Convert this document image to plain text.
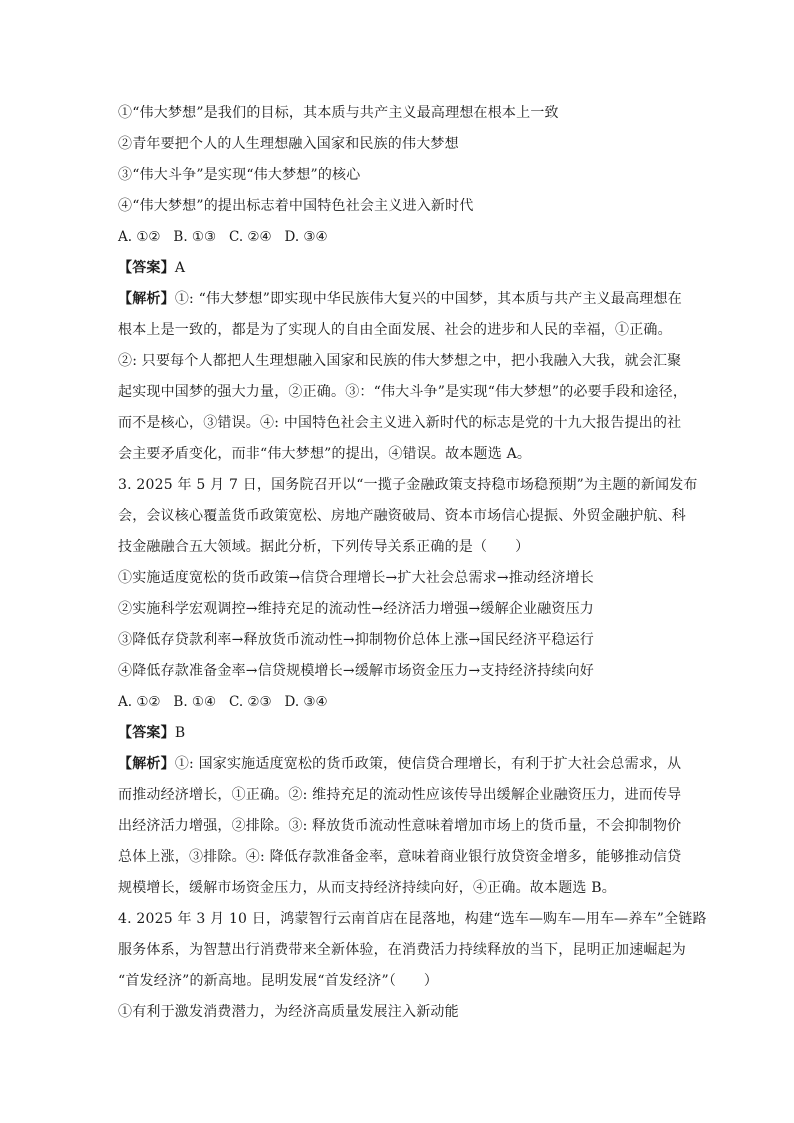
①“伟大梦想”是我们的目标，其本质与共产主义最高理想在根本上一致
②青年要把个人的人生理想融入国家和民族的伟大梦想
③“伟大斗争”是实现“伟大梦想”的核心
④“伟大梦想”的提出标志着中国特色社会主义进入新时代
A. ①②   B. ①③   C. ②④   D. ③④
【答案】A
【解析】①: “伟大梦想”即实现中华民族伟大复兴的中国梦，其本质与共产主义最高理想在
根本上是一致的，都是为了实现人的自由全面发展、社会的进步和人民的幸福，①正确。
②: 只要每个人都把人生理想融入国家和民族的伟大梦想之中，把小我融入大我，就会汇聚
起实现中国梦的强大力量，②正确。③：“伟大斗争”是实现“伟大梦想”的必要手段和途径，
而不是核心，③错误。④: 中国特色社会主义进入新时代的标志是党的十九大报告提出的社
会主要矛盾变化，而非“伟大梦想”的提出，④错误。故本题选 A。
3. 2025 年 5 月 7 日，国务院召开以“一揽子金融政策支持稳市场稳预期”为主题的新闻发布
会，会议核心覆盖货币政策宽松、房地产融资破局、资本市场信心提振、外贸金融护航、科
技金融融合五大领域。据此分析，下列传导关系正确的是（      ）
①实施适度宽松的货币政策→信贷合理增长→扩大社会总需求→推动经济增长
②实施科学宏观调控→维持充足的流动性→经济活力增强→缓解企业融资压力
③降低存贷款利率→释放货币流动性→抑制物价总体上涨→国民经济平稳运行
④降低存款准备金率→信贷规模增长→缓解市场资金压力→支持经济持续向好
A. ①②   B. ①④   C. ②③   D. ③④
【答案】B
【解析】①: 国家实施适度宽松的货币政策，使信贷合理增长，有利于扩大社会总需求，从
而推动经济增长，①正确。②: 维持充足的流动性应该传导出缓解企业融资压力，进而传导
出经济活力增强，②排除。③: 释放货币流动性意味着增加市场上的货币量，不会抑制物价
总体上涨，③排除。④: 降低存款准备金率，意味着商业银行放贷资金增多，能够推动信贷
规模增长，缓解市场资金压力，从而支持经济持续向好，④正确。故本题选 B。
4. 2025 年 3 月 10 日，鸿蒙智行云南首店在昆落地，构建“选车—购车—用车—养车”全链路
服务体系，为智慧出行消费带来全新体验，在消费活力持续释放的当下，昆明正加速崛起为
“首发经济”的新高地。昆明发展“首发经济”（      ）
①有利于激发消费潜力，为经济高质量发展注入新动能
